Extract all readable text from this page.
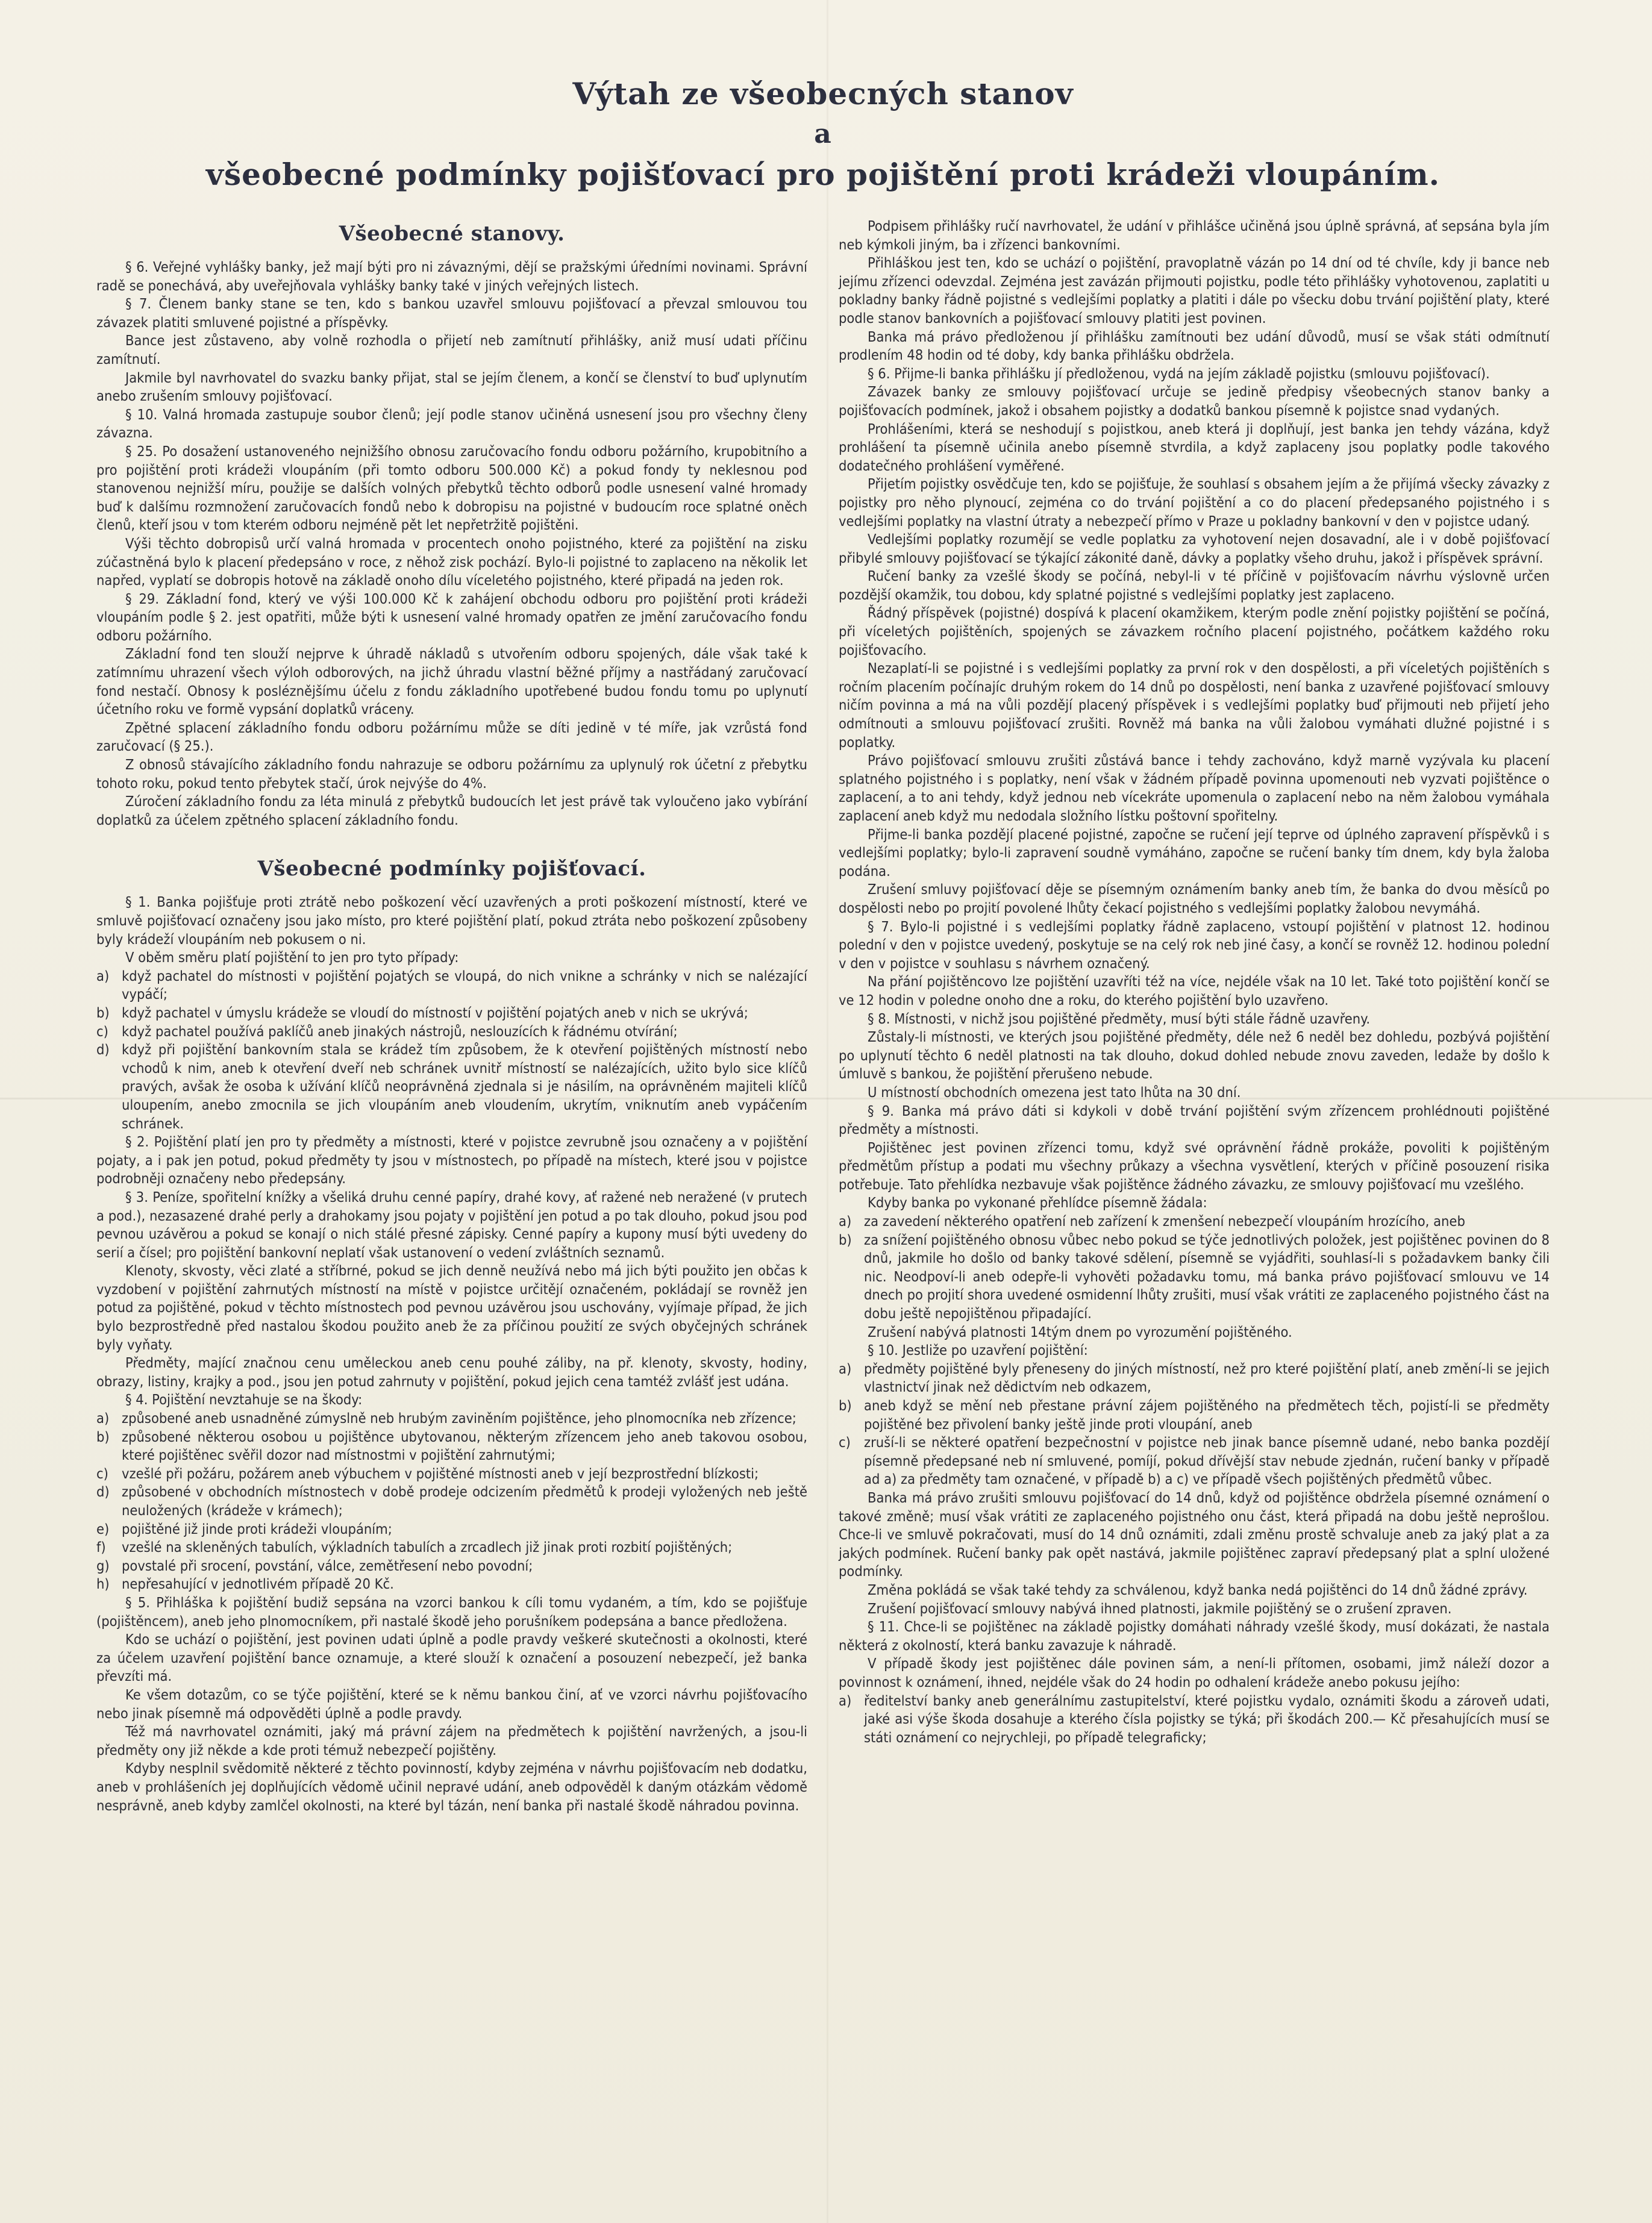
Výtah ze všeobecných stanov
a
všeobecné podmínky pojišťovací pro pojištění proti krádeži vloupáním.
Všeobecné stanovy.

§ 6. Veřejné vyhlášky banky, jež mají býti pro ni závaznými, dějí se pražskými úředními novinami. Správní radě se ponechává, aby uveřejňovala vyhlášky banky také v jiných veřejných listech.

§ 7. Členem banky stane se ten, kdo s bankou uzavřel smlouvu pojišťovací a převzal smlouvou tou závazek platiti smluvené pojistné a příspěvky.

Bance jest zůstaveno, aby volně rozhodla o přijetí neb zamítnutí přihlášky, aniž musí udati příčinu zamítnutí.

Jakmile byl navrhovatel do svazku banky přijat, stal se jejím členem, a končí se členství to buď uplynutím anebo zrušením smlouvy pojišťovací.

§ 10. Valná hromada zastupuje soubor členů; její podle stanov učiněná usnesení jsou pro všechny členy závazna.

§ 25. Po dosažení ustanoveného nejnižšího obnosu zaručovacího fondu odboru požárního, krupobitního a pro pojištění proti krádeži vloupáním (při tomto odboru 500.000 Kč) a pokud fondy ty neklesnou pod stanovenou nejnižší míru, použije se dalších volných přebytků těchto odborů podle usnesení valné hromady buď k dalšímu rozmnožení zaručovacích fondů nebo k dobropisu na pojistné v budoucím roce splatné oněch členů, kteří jsou v tom kterém odboru nejméně pět let nepřetržitě pojištěni.

Výši těchto dobropisů určí valná hromada v procentech onoho pojistného, které za pojištění na zisku zúčastněná bylo k placení předepsáno v roce, z něhož zisk pochází. Bylo-li pojistné to zaplaceno na několik let napřed, vyplatí se dobropis hotově na základě onoho dílu víceletého pojistného, které připadá na jeden rok.

§ 29. Základní fond, který ve výši 100.000 Kč k zahájení obchodu odboru pro pojištění proti krádeži vloupáním podle § 2. jest opatřiti, může býti k usnesení valné hromady opatřen ze jmění zaručovacího fondu odboru požárního.

Základní fond ten slouží nejprve k úhradě nákladů s utvořením odboru spojených, dále však také k zatímnímu uhrazení všech výloh odborových, na jichž úhradu vlastní běžné příjmy a nastřádaný zaručovací fond nestačí. Obnosy k posléznějšímu účelu z fondu základního upotřebené budou fondu tomu po uplynutí účetního roku ve formě vypsání doplatků vráceny.

Zpětné splacení základního fondu odboru požárnímu může se díti jedině v té míře, jak vzrůstá fond zaručovací (§ 25.).

Z obnosů stávajícího základního fondu nahrazuje se odboru požárnímu za uplynulý rok účetní z přebytku tohoto roku, pokud tento přebytek stačí, úrok nejvýše do 4%.

Zúročení základního fondu za léta minulá z přebytků budoucích let jest právě tak vyloučeno jako vybírání doplatků za účelem zpětného splacení základního fondu.

Všeobecné podmínky pojišťovací.

§ 1. Banka pojišťuje proti ztrátě nebo poškození věcí uzavřených a proti poškození místností, které ve smluvě pojišťovací označeny jsou jako místo, pro které pojištění platí, pokud ztráta nebo poškození způsobeny byly krádeží vloupáním neb pokusem o ni.

V oběm směru platí pojištění to jen pro tyto případy:

a) když pachatel do místnosti v pojištění pojatých se vloupá, do nich vnikne a schránky v nich se nalézající vypáčí;

b) když pachatel v úmyslu krádeže se vloudí do místností v pojištění pojatých aneb v nich se ukrývá;

c) když pachatel používá paklíčů aneb jinakých nástrojů, neslouzících k řádnému otvírání;

d) když při pojištění bankovním stala se krádež tím způsobem, že k otevření pojištěných místností nebo vchodů k nim, aneb k otevření dveří neb schránek uvnitř místností se nalézajících, užito bylo sice klíčů pravých, avšak že osoba k užívání klíčů neoprávněná zjednala si je násilím, na oprávněném majiteli klíčů uloupením, anebo zmocnila se jich vloupáním aneb vloudením, ukrytím, vniknutím aneb vypáčením schránek.

§ 2. Pojištění platí jen pro ty předměty a místnosti, které v pojistce zevrubně jsou označeny a v pojištění pojaty, a i pak jen potud, pokud předměty ty jsou v místnostech, po případě na místech, které jsou v pojistce podrobněji označeny nebo předepsány.

§ 3. Peníze, spořitelní knížky a všeliká druhu cenné papíry, drahé kovy, ať ražené neb neražené (v prutech a pod.), nezasazené drahé perly a drahokamy jsou pojaty v pojištění jen potud a po tak dlouho, pokud jsou pod pevnou uzávěrou a pokud se konají o nich stálé přesné zápisky. Cenné papíry a kupony musí býti uvedeny do serií a čísel; pro pojištění bankovní neplatí však ustanovení o vedení zvláštních seznamů.

Klenoty, skvosty, věci zlaté a stříbrné, pokud se jich denně neužívá nebo má jich býti použito jen občas k vyzdobení v pojištění zahrnutých místností na místě v pojistce určitějí označeném, pokládají se rovněž jen potud za pojištěné, pokud v těchto místnostech pod pevnou uzávěrou jsou uschovány, vyjímaje případ, že jich bylo bezprostředně před nastalou škodou použito aneb že za příčinou použití ze svých obyčejných schránek byly vyňaty.

Předměty, mající značnou cenu uměleckou aneb cenu pouhé záliby, na př. klenoty, skvosty, hodiny, obrazy, listiny, krajky a pod., jsou jen potud zahrnuty v pojištění, pokud jejich cena tamtéž zvlášť jest udána.

§ 4. Pojištění nevztahuje se na škody:

a) způsobené aneb usnadněné zúmyslně neb hrubým zaviněním pojištěnce, jeho plnomocníka neb zřízence;

b) způsobené některou osobou u pojištěnce ubytovanou, některým zřízencem jeho aneb takovou osobou, které pojištěnec svěřil dozor nad místnostmi v pojištění zahrnutými;

c) vzešlé při požáru, požárem aneb výbuchem v pojištěné místnosti aneb v její bezprostřední blízkosti;

d) způsobené v obchodních místnostech v době prodeje odcizením předmětů k prodeji vyložených neb ještě neuložených (krádeže v krámech);

e) pojištěné již jinde proti krádeži vloupáním;

f) vzešlé na skleněných tabulích, výkladních tabulích a zrcadlech již jinak proti rozbití pojištěných;

g) povstalé při srocení, povstání, válce, zemětřesení nebo povodní;

h) nepřesahující v jednotlivém případě 20 Kč.

§ 5. Přihláška k pojištění budiž sepsána na vzorci bankou k cíli tomu vydaném, a tím, kdo se pojišťuje (pojištěncem), aneb jeho plnomocníkem, při nastalé škodě jeho porušníkem podepsána a bance předložena.

Kdo se uchází o pojištění, jest povinen udati úplně a podle pravdy veškeré skutečnosti a okolnosti, které za účelem uzavření pojištění bance oznamuje, a které slouží k označení a posouzení nebezpečí, jež banka převzíti má.

Ke všem dotazům, co se týče pojištění, které se k němu bankou činí, ať ve vzorci návrhu pojišťovacího nebo jinak písemně má odpověděti úplně a podle pravdy.

Též má navrhovatel oznámiti, jaký má právní zájem na předmětech k pojištění navržených, a jsou-li předměty ony již někde a kde proti témuž nebezpečí pojištěny.

Kdyby nesplnil svědomitě některé z těchto povinností, kdyby zejména v návrhu pojišťovacím neb dodatku, aneb v prohlášeních jej doplňujících vědomě učinil nepravé udání, aneb odpověděl k daným otázkám vědomě nesprávně, aneb kdyby zamlčel okolnosti, na které byl tázán, není banka při nastalé škodě náhradou povinna.

Podpisem přihlášky ručí navrhovatel, že udání v přihlášce učiněná jsou úplně správná, ať sepsána byla jím neb kýmkoli jiným, ba i zřízenci bankovními.

Přihláškou jest ten, kdo se uchází o pojištění, pravoplatně vázán po 14 dní od té chvíle, kdy ji bance neb jejímu zřízenci odevzdal. Zejména jest zavázán přijmouti pojistku, podle této přihlášky vyhotovenou, zaplatiti u pokladny banky řádně pojistné s vedlejšími poplatky a platiti i dále po všecku dobu trvání pojištění platy, které podle stanov bankovních a pojišťovací smlouvy platiti jest povinen.

Banka má právo předloženou jí přihlášku zamítnouti bez udání důvodů, musí se však státi odmítnutí prodlením 48 hodin od té doby, kdy banka přihlášku obdržela.

§ 6. Přijme-li banka přihlášku jí předloženou, vydá na jejím základě pojistku (smlouvu pojišťovací).

Závazek banky ze smlouvy pojišťovací určuje se jedině předpisy všeobecných stanov banky a pojišťovacích podmínek, jakož i obsahem pojistky a dodatků bankou písemně k pojistce snad vydaných.

Prohlášeními, která se neshodují s pojistkou, aneb která ji doplňují, jest banka jen tehdy vázána, když prohlášení ta písemně učinila anebo písemně stvrdila, a když zaplaceny jsou poplatky podle takového dodatečného prohlášení vyměřené.

Přijetím pojistky osvědčuje ten, kdo se pojišťuje, že souhlasí s obsahem jejím a že přijímá všecky závazky z pojistky pro něho plynoucí, zejména co do trvání pojištění a co do placení předepsaného pojistného i s vedlejšími poplatky na vlastní útraty a nebezpečí přímo v Praze u pokladny bankovní v den v pojistce udaný.

Vedlejšími poplatky rozumějí se vedle poplatku za vyhotovení nejen dosavadní, ale i v době pojišťovací přibylé smlouvy pojišťovací se týkající zákonité daně, dávky a poplatky všeho druhu, jakož i příspěvek správní.

Ručení banky za vzešlé škody se počíná, nebyl-li v té příčině v pojišťovacím návrhu výslovně určen pozdější okamžik, tou dobou, kdy splatné pojistné s vedlejšími poplatky jest zaplaceno.

Řádný příspěvek (pojistné) dospívá k placení okamžikem, kterým podle znění pojistky pojištění se počíná, při víceletých pojištěních, spojených se závazkem ročního placení pojistného, počátkem každého roku pojišťovacího.

Nezaplatí-li se pojistné i s vedlejšími poplatky za první rok v den dospělosti, a při víceletých pojištěních s ročním placením počínajíc druhým rokem do 14 dnů po dospělosti, není banka z uzavřené pojišťovací smlouvy ničím povinna a má na vůli pozdějí placený příspěvek i s vedlejšími poplatky buď přijmouti neb přijetí jeho odmítnouti a smlouvu pojišťovací zrušiti. Rovněž má banka na vůli žalobou vymáhati dlužné pojistné i s poplatky.

Právo pojišťovací smlouvu zrušiti zůstává bance i tehdy zachováno, když marně vyzývala ku placení splatného pojistného i s poplatky, není však v žádném případě povinna upomenouti neb vyzvati pojištěnce o zaplacení, a to ani tehdy, když jednou neb vícekráte upomenula o zaplacení nebo na něm žalobou vymáhala zaplacení aneb když mu nedodala složního lístku poštovní spořitelny.

Přijme-li banka pozdějí placené pojistné, započne se ručení její teprve od úplného zapravení příspěvků i s vedlejšími poplatky; bylo-li zapravení soudně vymáháno, započne se ručení banky tím dnem, kdy byla žaloba podána.

Zrušení smluvy pojišťovací děje se písemným oznámením banky aneb tím, že banka do dvou měsíců po dospělosti nebo po projití povolené lhůty čekací pojistného s vedlejšími poplatky žalobou nevymáhá.

§ 7. Bylo-li pojistné i s vedlejšími poplatky řádně zaplaceno, vstoupí pojištění v platnost 12. hodinou polední v den v pojistce uvedený, poskytuje se na celý rok neb jiné časy, a končí se rovněž 12. hodinou polední v den v pojistce v souhlasu s návrhem označený.

Na přání pojištěncovo lze pojištění uzavříti též na více, nejdéle však na 10 let. Také toto pojištění končí se ve 12 hodin v poledne onoho dne a roku, do kterého pojištění bylo uzavřeno.

§ 8. Místnosti, v nichž jsou pojištěné předměty, musí býti stále řádně uzavřeny.

Zůstaly-li místnosti, ve kterých jsou pojištěné předměty, déle než 6 neděl bez dohledu, pozbývá pojištění po uplynutí těchto 6 neděl platnosti na tak dlouho, dokud dohled nebude znovu zaveden, ledaže by došlo k úmluvě s bankou, že pojištění přerušeno nebude.

U místností obchodních omezena jest tato lhůta na 30 dní.

§ 9. Banka má právo dáti si kdykoli v době trvání pojištění svým zřízencem prohlédnouti pojištěné předměty a místnosti.

Pojištěnec jest povinen zřízenci tomu, když své oprávnění řádně prokáže, povoliti k pojištěným předmětům přístup a podati mu všechny průkazy a všechna vysvětlení, kterých v příčině posouzení risika potřebuje. Tato přehlídka nezbavuje však pojištěnce žádného závazku, ze smlouvy pojišťovací mu vzešlého.

Kdyby banka po vykonané přehlídce písemně žádala:

a) za zavedení některého opatření neb zařízení k zmenšení nebezpečí vloupáním hrozícího, aneb

b) za snížení pojištěného obnosu vůbec nebo pokud se týče jednotlivých položek, jest pojištěnec povinen do 8 dnů, jakmile ho došlo od banky takové sdělení, písemně se vyjádřiti, souhlasí-li s požadavkem banky čili nic. Neodpoví-li aneb odepře-li vyhověti požadavku tomu, má banka právo pojišťovací smlouvu ve 14 dnech po projití shora uvedené osmidenní lhůty zrušiti, musí však vrátiti ze zaplaceného pojistného část na dobu ještě nepojištěnou připadající.

Zrušení nabývá platnosti 14tým dnem po vyrozumění pojištěného.

§ 10. Jestliže po uzavření pojištění:

a) předměty pojištěné byly přeneseny do jiných místností, než pro které pojištění platí, aneb změní-li se jejich vlastnictví jinak než dědictvím neb odkazem,

b) aneb když se mění neb přestane právní zájem pojištěného na předmětech těch, pojistí-li se předměty pojištěné bez přivolení banky ještě jinde proti vloupání, aneb

c) zruší-li se některé opatření bezpečnostní v pojistce neb jinak bance písemně udané, nebo banka pozdějí písemně předepsané neb ní smluvené, pomíjí, pokud dřívější stav nebude zjednán, ručení banky v případě ad a) za předměty tam označené, v případě b) a c) ve případě všech pojištěných předmětů vůbec.

Banka má právo zrušiti smlouvu pojišťovací do 14 dnů, když od pojištěnce obdržela písemné oznámení o takové změně; musí však vrátiti ze zaplaceného pojistného onu část, která připadá na dobu ještě neprošlou. Chce-li ve smluvě pokračovati, musí do 14 dnů oznámiti, zdali změnu prostě schvaluje aneb za jaký plat a za jakých podmínek. Ručení banky pak opět nastává, jakmile pojištěnec zapraví předepsaný plat a splní uložené podmínky.

Změna pokládá se však také tehdy za schválenou, když banka nedá pojištěnci do 14 dnů žádné zprávy.

Zrušení pojišťovací smlouvy nabývá ihned platnosti, jakmile pojištěný se o zrušení zpraven.

§ 11. Chce-li se pojištěnec na základě pojistky domáhati náhrady vzešlé škody, musí dokázati, že nastala některá z okolností, která banku zavazuje k náhradě.

V případě škody jest pojištěnec dále povinen sám, a není-li přítomen, osobami, jimž náleží dozor a povinnost k oznámení, ihned, nejdéle však do 24 hodin po odhalení krádeže anebo pokusu jejího:

a) ředitelství banky aneb generálnímu zastupitelství, které pojistku vydalo, oznámiti škodu a zároveň udati, jaké asi výše škoda dosahuje a kterého čísla pojistky se týká; při škodách 200.— Kč přesahujících musí se státi oznámení co nejrychleji, po případě telegraficky;
